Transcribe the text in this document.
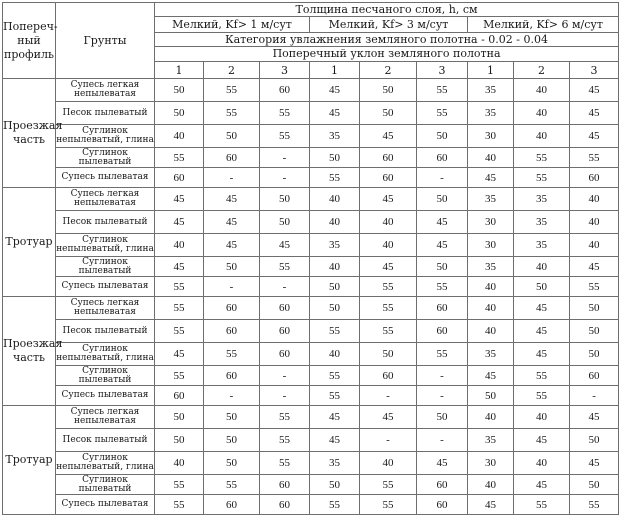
Попереч-ный профиль	Грунты	Толщина песчаного слоя, h, см								
		Мелкий, Kf> 1 м/сут			Мелкий, Kf> 3 м/сут			Мелкий, Kf> 6 м/сут		
		Категория увлажнения земляного полотна - 0.02 - 0.04								
		Поперечный уклон земляного полотна								
		1	2	3	1	2	3	1	2	3
Проезжая часть	Супесь легкая непылеватая	50	55	60	45	50	55	35	40	45
	Песок пылеватый	50	55	55	45	50	55	35	40	45
	Суглинок непылеватый, глина	40	50	55	35	45	50	30	40	45
	Суглинок пылеватый	55	60	-	50	60	60	40	55	55
	Супесь пылеватая	60	-	-	55	60	-	45	55	60
Тротуар	Супесь легкая непылеватая	45	45	50	40	45	50	35	35	40
	Песок пылеватый	45	45	50	40	40	45	30	35	40
	Суглинок непылеватый, глина	40	45	45	35	40	45	30	35	40
	Суглинок пылеватый	45	50	55	40	45	50	35	40	45
	Супесь пылеватая	55	-	-	50	55	55	40	50	55
Проезжая часть	Супесь легкая непылеватая	55	60	60	50	55	60	40	45	50
	Песок пылеватый	55	60	60	55	55	60	40	45	50
	Суглинок непылеватый, глина	45	55	60	40	50	55	35	45	50
	Суглинок пылеватый	55	60	-	55	60	-	45	55	60
	Супесь пылеватая	60	-	-	55	-	-	50	55	-
Тротуар	Супесь легкая непылеватая	50	50	55	45	45	50	40	40	45
	Песок пылеватый	50	50	55	45	-	-	35	45	50
	Суглинок непылеватый, глина	40	50	55	35	40	45	30	40	45
	Суглинок пылеватый	55	55	60	50	55	60	40	45	50
	Супесь пылеватая	55	60	60	55	55	60	45	55	55
